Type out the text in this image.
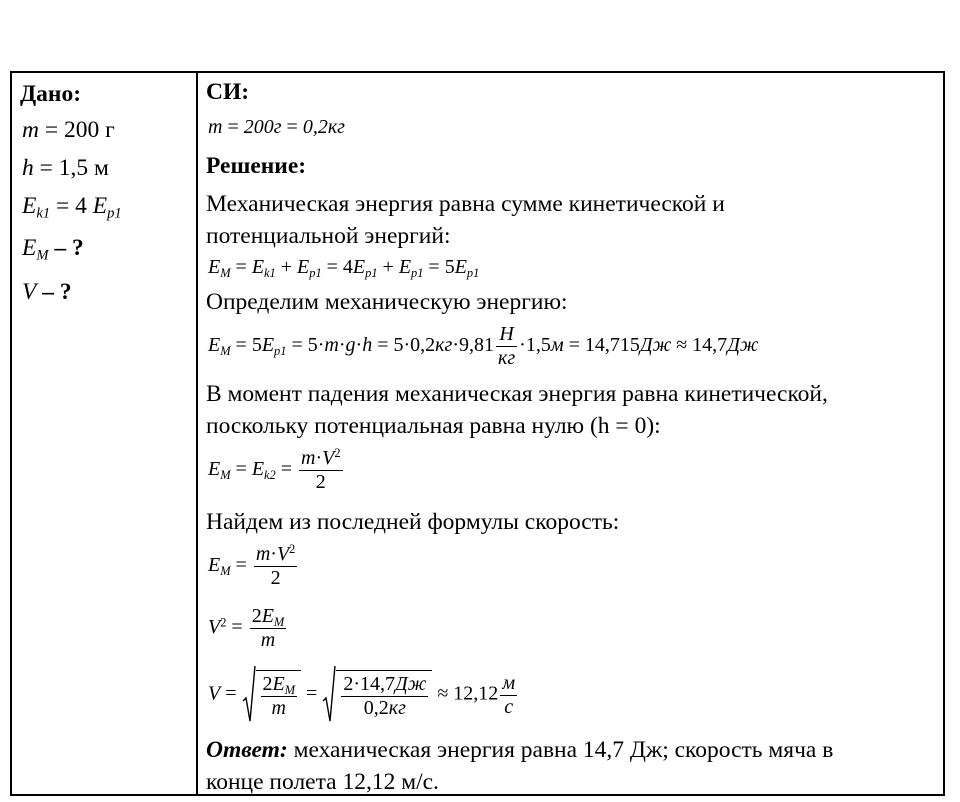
Дано:
m = 200 г
h = 1,5 м
$E_{k1} = 4$ $E_{p1}$
$E_M$ – ?
V – ?
СИ:
m = 200г = 0,2кг
Решение:
Механическая энергия равна сумме кинетической и
потенциальной энергий:
$E_M = E_{k1} + E_{p1} = 4E_{p1} + E_{p1} = 5E_{p1}$
Определим механическую энергию:
$E_M = 5E_{p1} = 5\cdot m\cdot g\cdot h = 5\cdot 0,2кг\cdot 9,81 \frac{Н}{кг} \cdot 1,5м = 14,715Дж \approx 14,7Дж$
В момент падения механическая энергия равна кинетической,
поскольку потенциальная равна нулю (h = 0):
$E_M = E_{k2} = \frac{m\cdot V^2}{2}$
Найдем из последней формулы скорость:
$E_M = \frac{m\cdot V^2}{2}$
$V^2 = \frac{2E_M}{m}$
$V = \frac{2E_M}{m} = \frac{2\cdot 14,7Дж}{0,2кг} \approx 12,12 \frac{м}{с}$
Ответ: механическая энергия равна 14,7 Дж; скорость мяча в
конце полета 12,12 м/с.
